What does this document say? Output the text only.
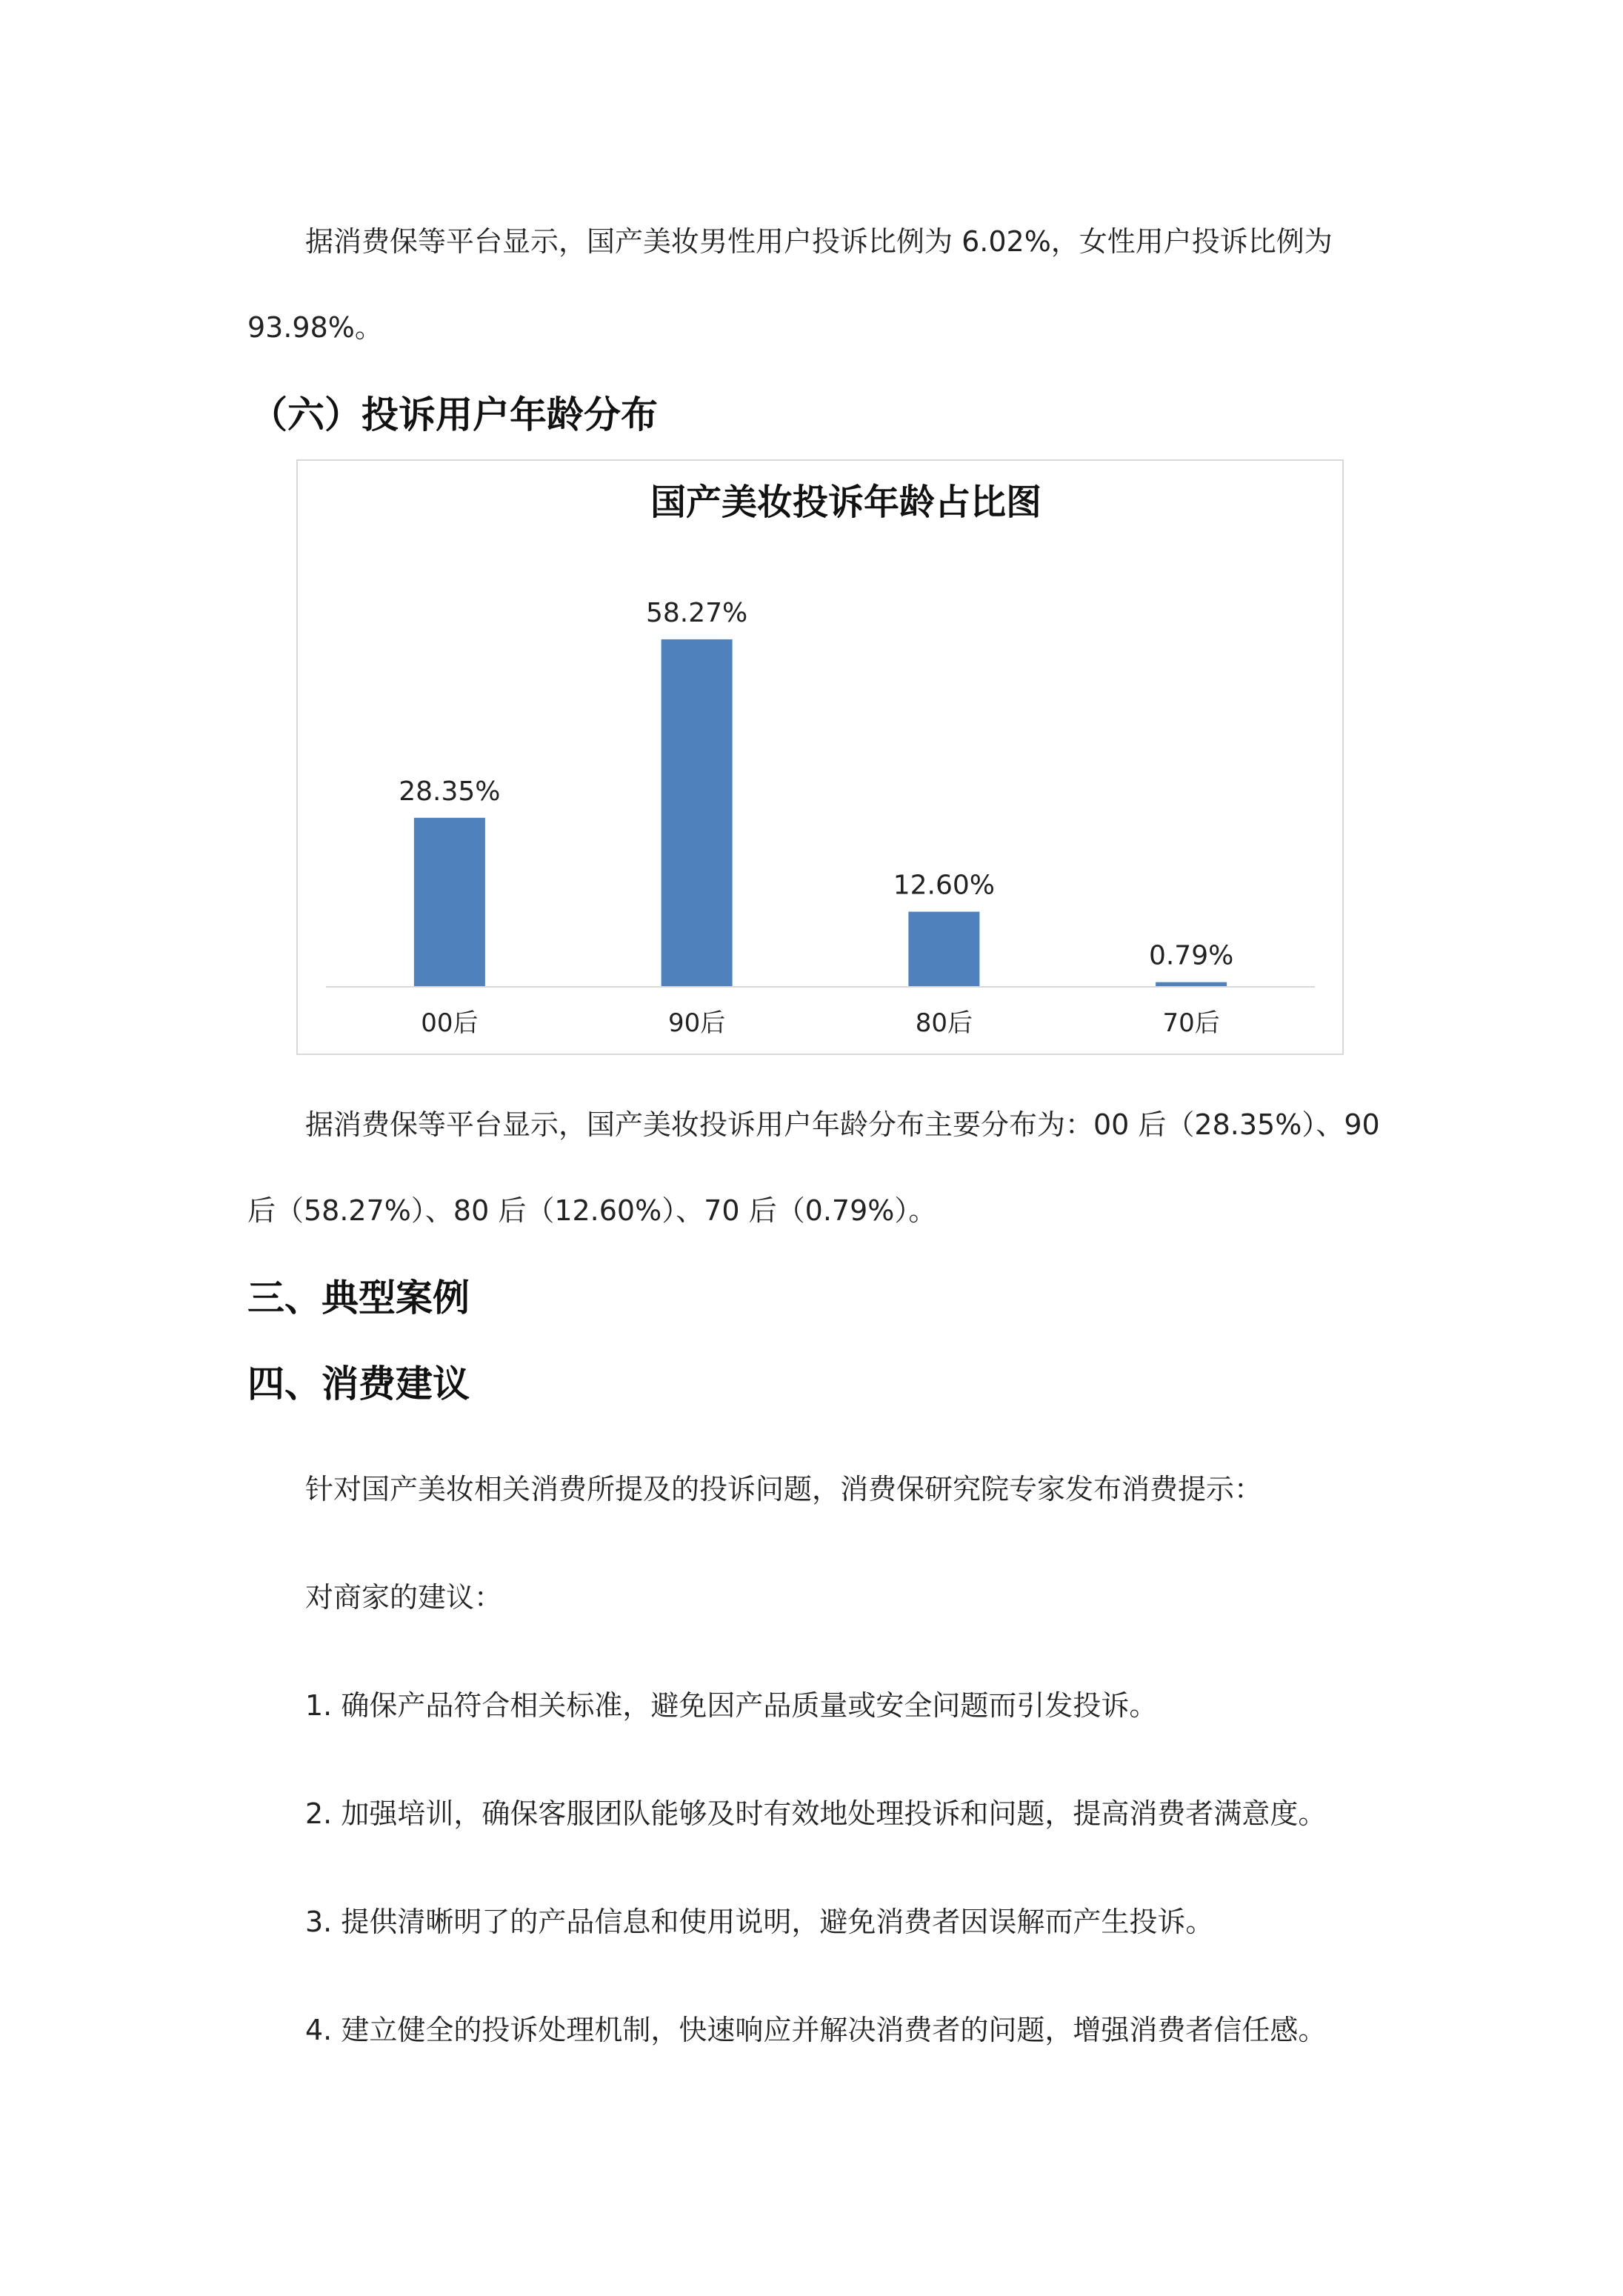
据消费保等平台显示，国产美妆男性用户投诉比例为 6.02%，女性用户投诉比例为
93.98%。
（六）投诉用户年龄分布
国产美妆投诉年龄占比图
28.35%
00后
58.27%
90后
12.60%
80后
0.79%
70后
据消费保等平台显示，国产美妆投诉用户年龄分布主要分布为：00 后（28.35%）、90
后（58.27%）、80 后（12.60%）、70 后（0.79%）。
三、典型案例
四、消费建议
针对国产美妆相关消费所提及的投诉问题，消费保研究院专家发布消费提示：
对商家的建议：
1. 确保产品符合相关标准，避免因产品质量或安全问题而引发投诉。
2. 加强培训，确保客服团队能够及时有效地处理投诉和问题，提高消费者满意度。
3. 提供清晰明了的产品信息和使用说明，避免消费者因误解而产生投诉。
4. 建立健全的投诉处理机制，快速响应并解决消费者的问题，增强消费者信任感。
